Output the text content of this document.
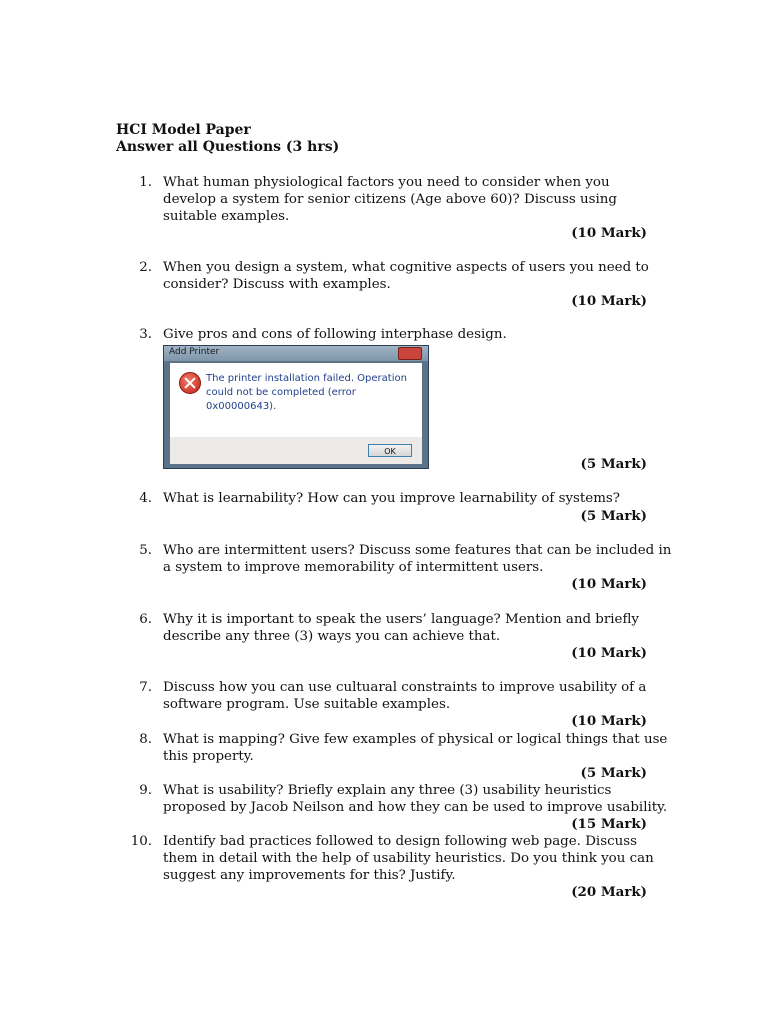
HCI Model Paper
Answer all Questions (3 hrs)
1. What human physiological factors you need to consider when you
develop a system for senior citizens (Age above 60)? Discuss using
suitable examples.
(10 Mark)
2. When you design a system, what cognitive aspects of users you need to
consider? Discuss with examples.
(10 Mark)
3. Give pros and cons of following interphase design.
Add Printer
The printer installation failed. Operation
could not be completed (error
0x00000643).
OK
(5 Mark)
4. What is learnability? How can you improve learnability of systems?
(5 Mark)
5. Who are intermittent users? Discuss some features that can be included in
a system to improve memorability of intermittent users.
(10 Mark)
6. Why it is important to speak the users’ language? Mention and briefly
describe any three (3) ways you can achieve that.
(10 Mark)
7. Discuss how you can use cultuaral constraints to improve usability of a
software program. Use suitable examples.
(10 Mark)
8. What is mapping? Give few examples of physical or logical things that use
this property.
(5 Mark)
9. What is usability? Briefly explain any three (3) usability heuristics
proposed by Jacob Neilson and how they can be used to improve usability.
(15 Mark)
10. Identify bad practices followed to design following web page. Discuss
them in detail with the help of usability heuristics. Do you think you can
suggest any improvements for this? Justify.
(20 Mark)
